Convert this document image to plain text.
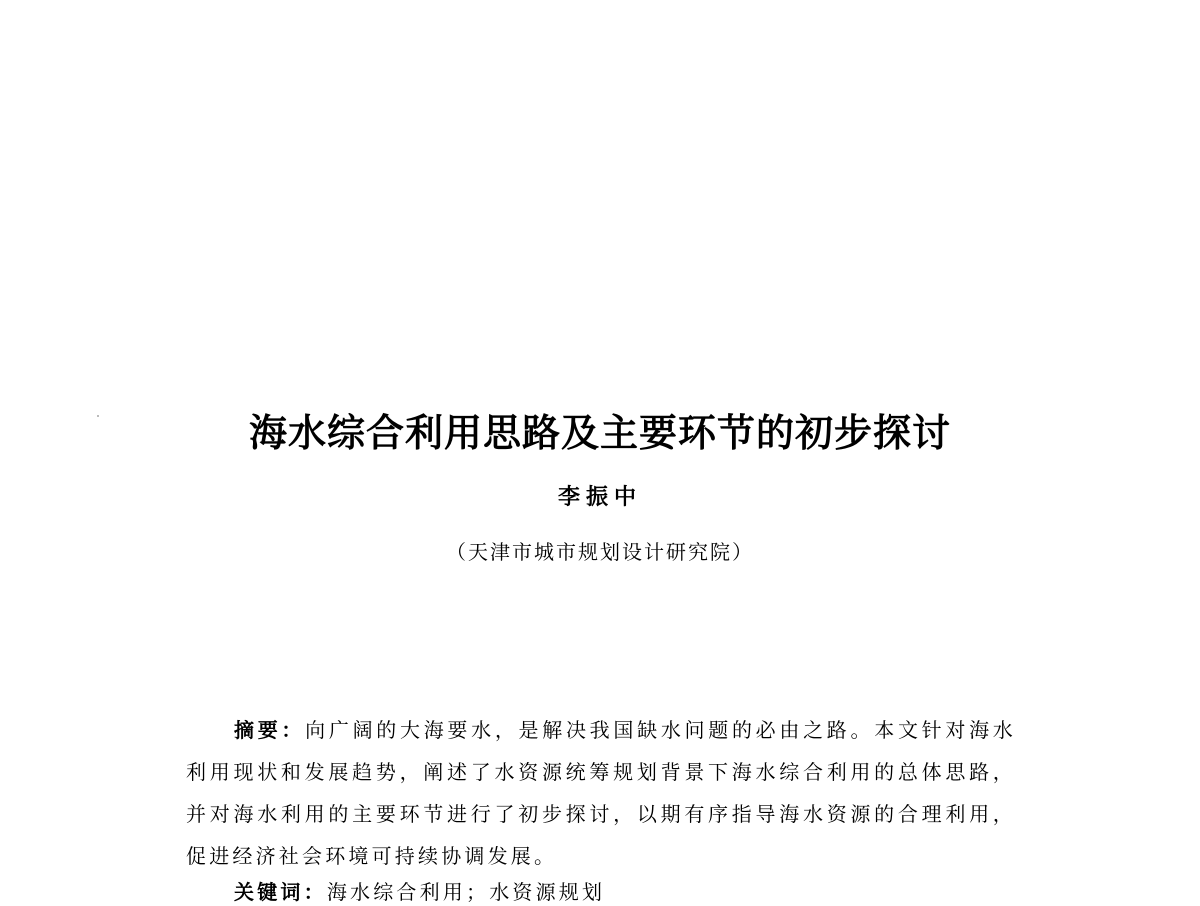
海水综合利用思路及主要环节的初步探讨
李振中
（天津市城市规划设计研究院）

摘要：向广阔的大海要水，是解决我国缺水问题的必由之路。本文针对海水利用现状和发展趋势，阐述了水资源统筹规划背景下海水综合利用的总体思路，并对海水利用的主要环节进行了初步探讨，以期有序指导海水资源的合理利用，促进经济社会环境可持续协调发展。

关键词：海水综合利用；水资源规划
